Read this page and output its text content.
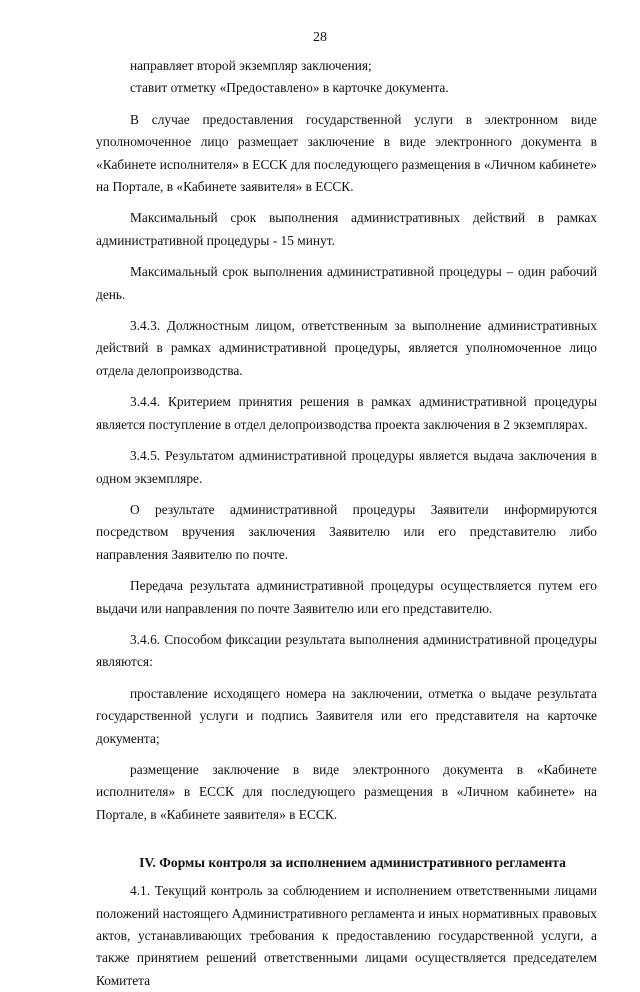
28

направляет второй экземпляр заключения;

ставит отметку «Предоставлено» в карточке документа.

В случае предоставления государственной услуги в электронном виде уполномоченное лицо размещает заключение в виде электронного документа в «Кабинете исполнителя» в ЕССК для последующего размещения в «Личном кабинете» на Портале, в «Кабинете заявителя» в ЕССК.

Максимальный срок выполнения административных действий в рамках административной процедуры - 15 минут.

Максимальный срок выполнения административной процедуры – один рабочий день.

3.4.3. Должностным лицом, ответственным за выполнение административных действий в рамках административной процедуры, является уполномоченное лицо отдела делопроизводства.

3.4.4. Критерием принятия решения в рамках административной процедуры является поступление в отдел делопроизводства проекта заключения в 2 экземплярах.

3.4.5. Результатом административной процедуры является выдача заключения в одном экземпляре.

О результате административной процедуры Заявители информируются посредством вручения заключения Заявителю или его представителю либо направления Заявителю по почте.

Передача результата административной процедуры осуществляется путем его выдачи или направления по почте Заявителю или его представителю.

3.4.6. Способом фиксации результата выполнения административной процедуры являются:

проставление исходящего номера на заключении, отметка о выдаче результата государственной услуги и подпись Заявителя или его представителя на карточке документа;

размещение заключение в виде электронного документа в «Кабинете исполнителя» в ЕССК для последующего размещения в «Личном кабинете» на Портале, в «Кабинете заявителя» в ЕССК.

IV. Формы контроля за исполнением административного регламента

4.1. Текущий контроль за соблюдением и исполнением ответственными лицами положений настоящего Административного регламента и иных нормативных правовых актов, устанавливающих требования к предоставлению государственной услуги, а также принятием решений ответственными лицами осуществляется председателем Комитета
